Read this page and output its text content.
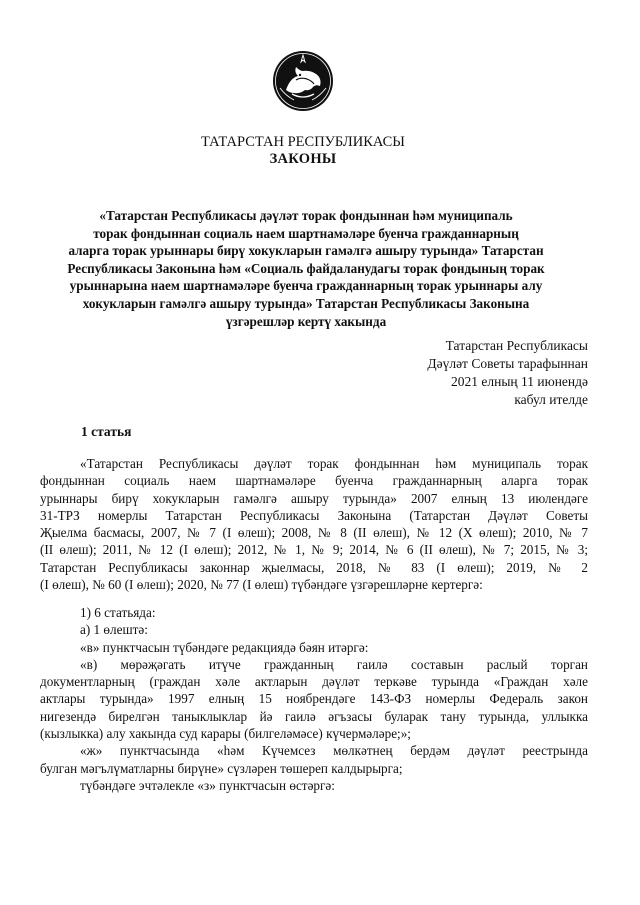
ТАТАРСТАН РЕСПУБЛИКАСЫ
ЗАКОНЫ
«Татарстан Республикасы дәүләт торак фондыннан һәм муниципаль
торак фондыннан социаль наем шартнамәләре буенча гражданнарның
аларга торак урыннары бирү хокукларын гамәлгә ашыру турында» Татарстан
Республикасы Законына һәм «Социаль файдаланудагы торак фондының торак
урыннарына наем шартнамәләре буенча гражданнарның торак урыннары алу
хокукларын гамәлгә ашыру турында» Татарстан Республикасы Законына
үзгәрешләр кертү хакында
Татарстан Республикасы
Дәүләт Советы тарафыннан
2021 елның 11 июнендә
кабул ителде
1 статья
«Татарстан Республикасы дәүләт торак фондыннан һәм муниципаль торак
фондыннан социаль наем шартнамәләре буенча гражданнарның аларга торак
урыннары бирү хокукларын гамәлгә ашыру турында» 2007 елның 13 июлендәге
31-ТРЗ номерлы Татарстан Республикасы Законына (Татарстан Дәүләт Советы
Җыелма басмасы, 2007, № 7 (I өлеш); 2008, № 8 (II өлеш), № 12 (X өлеш); 2010, № 7
(II өлеш); 2011, № 12 (I өлеш); 2012, № 1, № 9; 2014, № 6 (II өлеш), № 7; 2015, № 3;
Татарстан Республикасы законнар җыелмасы, 2018, № 83 (I өлеш); 2019, № 2
(I өлеш), № 60 (I өлеш); 2020, № 77 (I өлеш) түбәндәге үзгәрешләрне кертергә:
1) 6 статьяда:
а) 1 өлештә:
«в» пунктчасын түбәндәге редакциядә бәян итәргә:
«в) мөрәҗәгать итүче гражданның гаилә составын раслый торган
документларның (граждан хәле актларын дәүләт теркәве турында «Граждан хәле
актлары турында» 1997 елның 15 ноябрендәге 143-ФЗ номерлы Федераль закон
нигезендә бирелгән таныклыклар йә гаилә әгъзасы буларак тану турында, уллыкка
(кызлыкка) алу хакында суд карары (билгеләмәсе) күчермәләре;»;
«ж» пунктчасында «һәм Күчемсез мөлкәтнең бердәм дәүләт реестрында
булган мәгълүматларны бирүне» сүзләрен төшереп калдырырга;
түбәндәге эчтәлекле «з» пунктчасын өстәргә:
